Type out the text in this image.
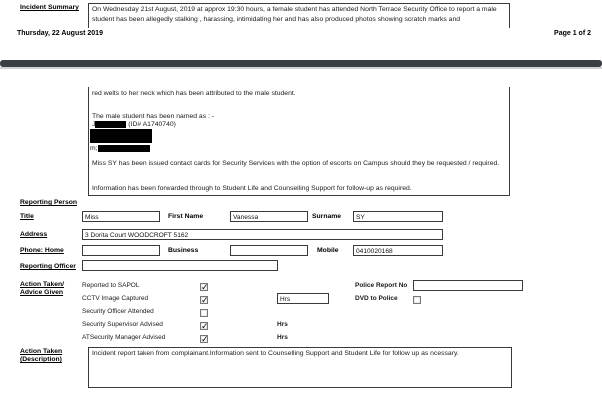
Incident Summary	On Wednesday 21st August, 2019 at approx 19:30 hours, a female student has attended North Terrace Security Office to report a male student has been allegedly stalking , harassing, intimidating her and has also produced photos showing scratch marks and
Thursday, 22 August 2019	Page 1 of 2
red welts to her neck which has been attributed to the male student.
The male student has been named as : -
J	(ID# A1740740)
m;
Miss SY has been issued contact cards for Security Services with the option of escorts on Campus should they be requested / required.
Information has been forwarded through to Student Life and Counselling Support for follow-up as required.
Reporting Person
Title	Miss	First Name	Vanessa	Surname	SY
Address	3 Dorita Court WOODCROFT 5162
Phone: Home	Business	Mobile	0410020168
Reporting Officer
Action Taken/
Advice Given
Reported to SAPOL	✓
CCTV Image Captured	✓	Hrs
Security Officer Attended
Security Supervisor Advised	✓	Hrs
ATSecurity Manager Advised	✓	Hrs
Police Report No
DVD to Police
Action Taken
(Description)
Incident report taken from complainant.Information sent to Counselling Support and Student Life for follow up as ncessary.
